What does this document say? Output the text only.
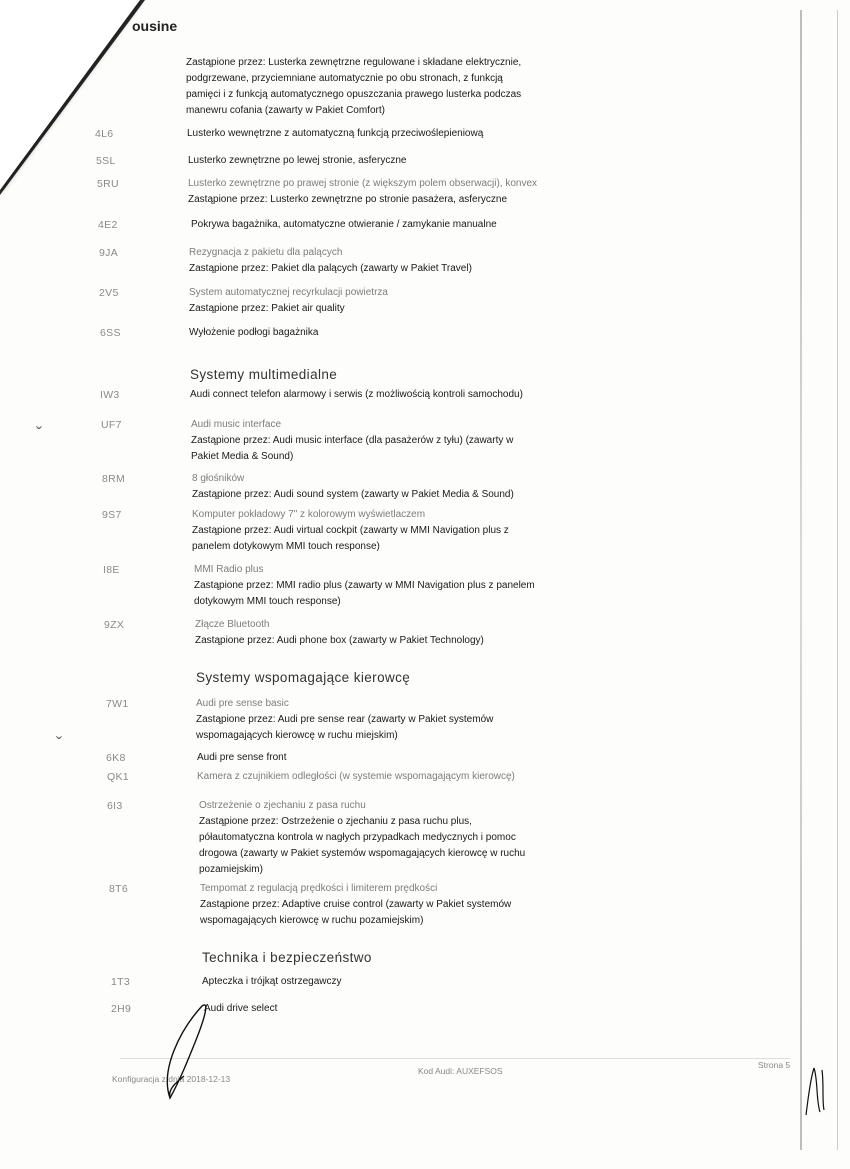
ousine
Zastąpione przez: Lusterka zewnętrzne regulowane i składane elektrycznie,
podgrzewane, przyciemniane automatycznie po obu stronach, z funkcją
pamięci i z funkcją automatycznego opuszczania prawego lusterka podczas
manewru cofania (zawarty w Pakiet Comfort)
4L6	Lusterko wewnętrzne z automatyczną funkcją przeciwoślepieniową
5SL	Lusterko zewnętrzne po lewej stronie, asferyczne
5RU	Lusterko zewnętrzne po prawej stronie (z większym polem obserwacji), konvex
Zastąpione przez: Lusterko zewnętrzne po stronie pasażera, asferyczne
4E2	Pokrywa bagażnika, automatyczne otwieranie / zamykanie manualne
9JA	Rezygnacja z pakietu dla palących
Zastąpione przez: Pakiet dla palących (zawarty w Pakiet Travel)
2V5	System automatycznej recyrkulacji powietrza
Zastąpione przez: Pakiet air quality
6SS	Wyłożenie podłogi bagażnika
Systemy multimedialne
IW3	Audi connect telefon alarmowy i serwis (z możliwością kontroli samochodu)
UF7	Audi music interface
Zastąpione przez: Audi music interface (dla pasażerów z tyłu) (zawarty w
Pakiet Media & Sound)
8RM	8 głośników
Zastąpione przez: Audi sound system (zawarty w Pakiet Media & Sound)
9S7	Komputer pokładowy 7" z kolorowym wyświetlaczem
Zastąpione przez: Audi virtual cockpit (zawarty w MMI Navigation plus z
panelem dotykowym MMI touch response)
I8E	MMI Radio plus
Zastąpione przez: MMI radio plus (zawarty w MMI Navigation plus z panelem
dotykowym MMI touch response)
9ZX	Złącze Bluetooth
Zastąpione przez: Audi phone box (zawarty w Pakiet Technology)
Systemy wspomagające kierowcę
7W1	Audi pre sense basic
Zastąpione przez: Audi pre sense rear (zawarty w Pakiet systemów
wspomagających kierowcę w ruchu miejskim)
6K8	Audi pre sense front
QK1	Kamera z czujnikiem odległości (w systemie wspomagającym kierowcę)
6I3	Ostrzeżenie o zjechaniu z pasa ruchu
Zastąpione przez: Ostrzeżenie o zjechaniu z pasa ruchu plus,
półautomatyczna kontrola w nagłych przypadkach medycznych i pomoc
drogowa (zawarty w Pakiet systemów wspomagających kierowcę w ruchu
pozamiejskim)
8T6	Tempomat z regulacją prędkości i limiterem prędkości
Zastąpione przez: Adaptive cruise control (zawarty w Pakiet systemów
wspomagających kierowcę w ruchu pozamiejskim)
Technika i bezpieczeństwo
1T3	Apteczka i trójkąt ostrzegawczy
2H9	Audi drive select
ˇ
ˇ
Konfiguracja z dnia 2018-12-13
Kod Audi: AUXEFSOS
Strona 5
